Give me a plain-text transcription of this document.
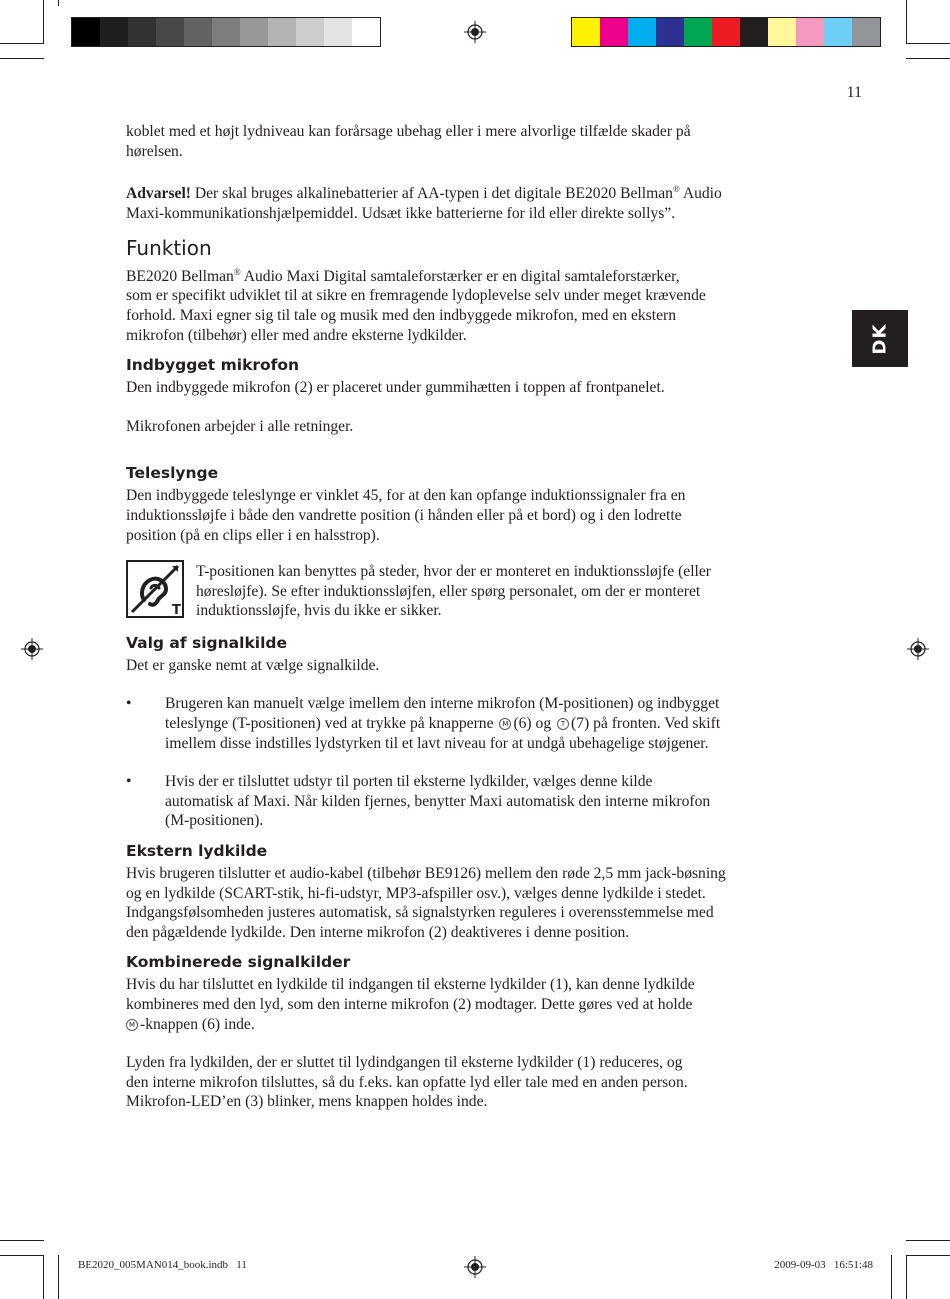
11
DK

koblet med et højt lydniveau kan forårsage ubehag eller i mere alvorlige tilfælde skader på
hørelsen.

Advarsel! Der skal bruges alkalinebatterier af AA-typen i det digitale BE2020 Bellman® Audio
Maxi-kommunikationshjælpemiddel. Udsæt ikke batterierne for ild eller direkte sollys”.

Funktion

BE2020 Bellman® Audio Maxi Digital samtaleforstærker er en digital samtaleforstærker,
som er specifikt udviklet til at sikre en fremragende lydoplevelse selv under meget krævende
forhold. Maxi egner sig til tale og musik med den indbyggede mikrofon, med en ekstern
mikrofon (tilbehør) eller med andre eksterne lydkilder.

Indbygget mikrofon

Den indbyggede mikrofon (2) er placeret under gummihætten i toppen af frontpanelet.

Mikrofonen arbejder i alle retninger.

Teleslynge

Den indbyggede teleslynge er vinklet 45, for at den kan opfange induktionssignaler fra en
induktionssløjfe i både den vandrette position (i hånden eller på et bord) og i den lodrette
position (på en clips eller i en halsstrop).

T

T-positionen kan benyttes på steder, hvor der er monteret en induktionssløjfe (eller
høresløjfe). Se efter induktionssløjfen, eller spørg personalet, om der er monteret
induktionssløjfe, hvis du ikke er sikker.

Valg af signalkilde

Det er ganske nemt at vælge signalkilde.

•	Brugeren kan manuelt vælge imellem den interne mikrofon (M-positionen) og indbygget
teleslynge (T-positionen) ved at trykke på knapperne M (6) og T (7) på fronten. Ved skift
imellem disse indstilles lydstyrken til et lavt niveau for at undgå ubehagelige støjgener.

•	Hvis der er tilsluttet udstyr til porten til eksterne lydkilder, vælges denne kilde
automatisk af Maxi. Når kilden fjernes, benytter Maxi automatisk den interne mikrofon
(M-positionen).

Ekstern lydkilde

Hvis brugeren tilslutter et audio-kabel (tilbehør BE9126) mellem den røde 2,5 mm jack-bøsning
og en lydkilde (SCART-stik, hi-fi-udstyr, MP3-afspiller osv.), vælges denne lydkilde i stedet.
Indgangsfølsomheden justeres automatisk, så signalstyrken reguleres i overensstemmelse med
den pågældende lydkilde. Den interne mikrofon (2) deaktiveres i denne position.

Kombinerede signalkilder

Hvis du har tilsluttet en lydkilde til indgangen til eksterne lydkilder (1), kan denne lydkilde
kombineres med den lyd, som den interne mikrofon (2) modtager. Dette gøres ved at holde
M -knappen (6) inde.

Lyden fra lydkilden, der er sluttet til lydindgangen til eksterne lydkilder (1) reduceres, og
den interne mikrofon tilsluttes, så du f.eks. kan opfatte lyd eller tale med en anden person.
Mikrofon-LED’en (3) blinker, mens knappen holdes inde.

BE2020_005MAN014_book.indb   11	2009-09-03   16:51:48
